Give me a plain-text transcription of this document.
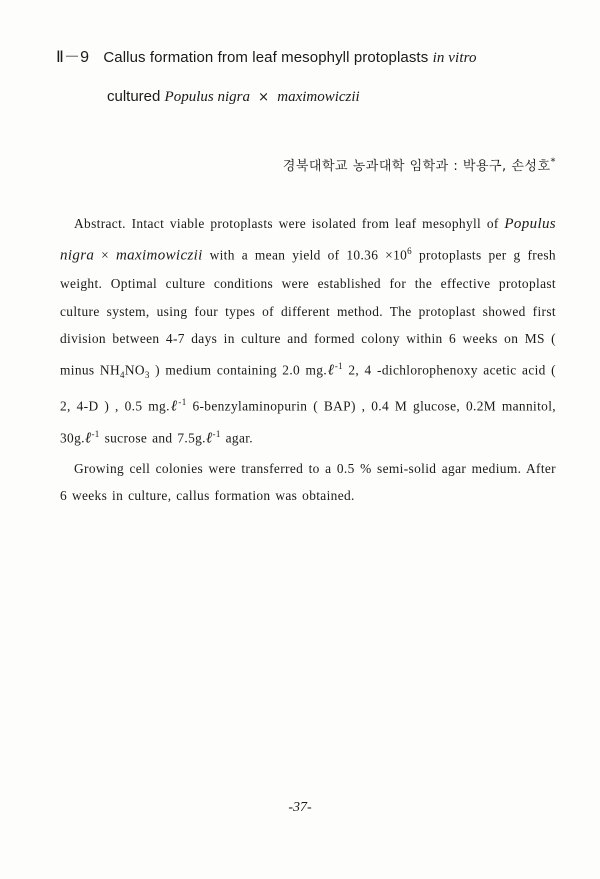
Ⅱ－9 Callus formation from leaf mesophyll protoplasts in vitro
cultured Populus nigra × maximowiczii
경북대학교 농과대학 임학과 : 박용구, 손성호*

Abstract. Intact viable protoplasts were isolated from leaf mesophyll of Populus nigra × maximowiczii with a mean yield of $10.36 \times 10^6$ protoplasts per g fresh weight. Optimal culture conditions were established for the effective protoplast culture system, using four types of different method. The protoplast showed first division between 4-7 days in culture and formed colony within 6 weeks on MS ( minus $NH_4NO_3$ ) medium containing 2.0 mg.ℓ$^{-1}$ 2, 4 -dichlorophenoxy acetic acid ( 2, 4-D ) , 0.5 mg.ℓ$^{-1}$ 6-benzylaminopurin ( BAP) , 0.4 M glucose, 0.2M mannitol, 30g.ℓ$^{-1}$ sucrose and 7.5g.ℓ$^{-1}$ agar.

Growing cell colonies were transferred to a 0.5 % semi-solid agar medium. After 6 weeks in culture, callus formation was obtained.

-37-
